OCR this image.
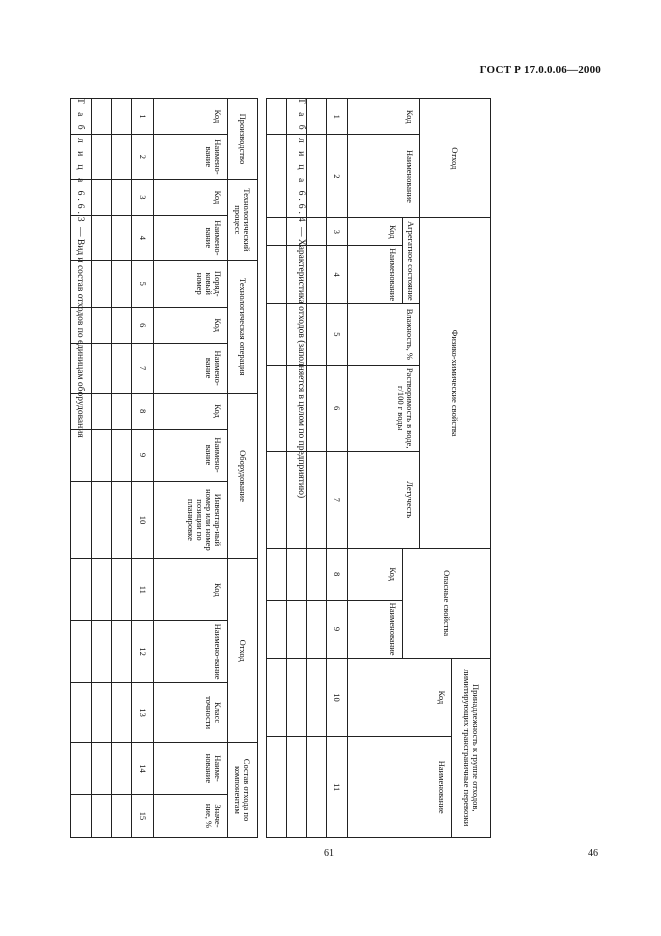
ГОСТ Р 17.0.0.06—2000
Т а б л и ц а 6.6.3 — Вид и состав отходов по единицам оборудования
Производство		Технологический процесс		Технологическая операция			Оборудование			Отход			Состав отхода по компонентам	
Код	Наимено-вание	Код	Наимено-вание	Поряд-ковый номер	Код	Наимено-вание	Код	Наимено-вание	Инвентар-ный номер или номер позиции по планировке	Код	Наимено-вание	Класс точности	Наиме-нование	Значе-ние, %
1	2	3	4	5	6	7	8	9	10	11	12	13	14	15

Т а б л и ц а 6.6.4 — Характеристика отходов (заполняется в целом по предприятию)
Отход		Физико-химические свойства					Опасные свойства		Принадлежность к группе отходов, лимитирующих трансграничные перевозки	
									Код	Наименование
Код	Наименование	Агрегатное состояние		Влажность, %	Растворимость в воде, г/100 г воды	Летучесть				
		Код	Наименование				Код	Наименование		
1	2	3	4	5	6	7	8	9	10	11

61	46
